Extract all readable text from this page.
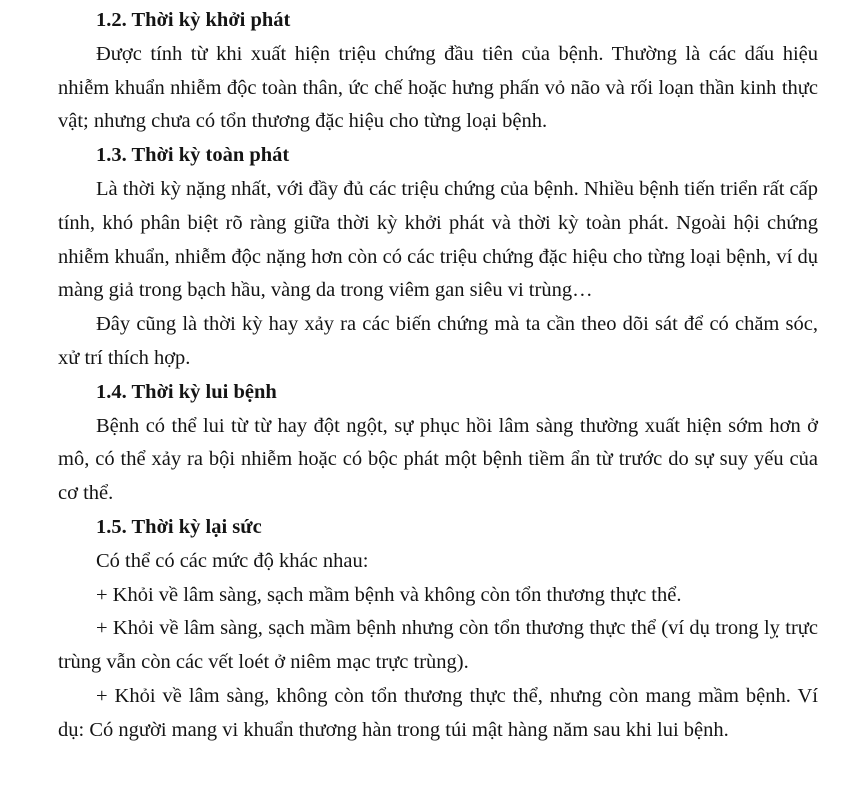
1.2. Thời kỳ khởi phát

Được tính từ khi xuất hiện triệu chứng đầu tiên của bệnh. Thường là các dấu hiệu nhiễm khuẩn nhiễm độc toàn thân, ức chế hoặc hưng phấn vỏ não và rối loạn thần kinh thực vật; nhưng chưa có tổn thương đặc hiệu cho từng loại bệnh.

1.3. Thời kỳ toàn phát

Là thời kỳ nặng nhất, với đầy đủ các triệu chứng của bệnh. Nhiều bệnh tiến triển rất cấp tính, khó phân biệt rõ ràng giữa thời kỳ khởi phát và thời kỳ toàn phát. Ngoài hội chứng nhiễm khuẩn, nhiễm độc nặng hơn còn có các triệu chứng đặc hiệu cho từng loại bệnh, ví dụ màng giả trong bạch hầu, vàng da trong viêm gan siêu vi trùng…

Đây cũng là thời kỳ hay xảy ra các biến chứng mà ta cần theo dõi sát để có chăm sóc, xử trí thích hợp.

1.4. Thời kỳ lui bệnh

Bệnh có thể lui từ từ hay đột ngột, sự phục hồi lâm sàng thường xuất hiện sớm hơn ở mô, có thể xảy ra bội nhiễm hoặc có bộc phát một bệnh tiềm ẩn từ trước do sự suy yếu của cơ thể.

1.5. Thời kỳ lại sức

Có thể có các mức độ khác nhau:

+ Khỏi về lâm sàng, sạch mầm bệnh và không còn tổn thương thực thể.

+ Khỏi về lâm sàng, sạch mầm bệnh nhưng còn tổn thương thực thể (ví dụ trong lỵ trực trùng vẫn còn các vết loét ở niêm mạc trực trùng).

+ Khỏi về lâm sàng, không còn tổn thương thực thể, nhưng còn mang mầm bệnh. Ví dụ: Có người mang vi khuẩn thương hàn trong túi mật hàng năm sau khi lui bệnh.
